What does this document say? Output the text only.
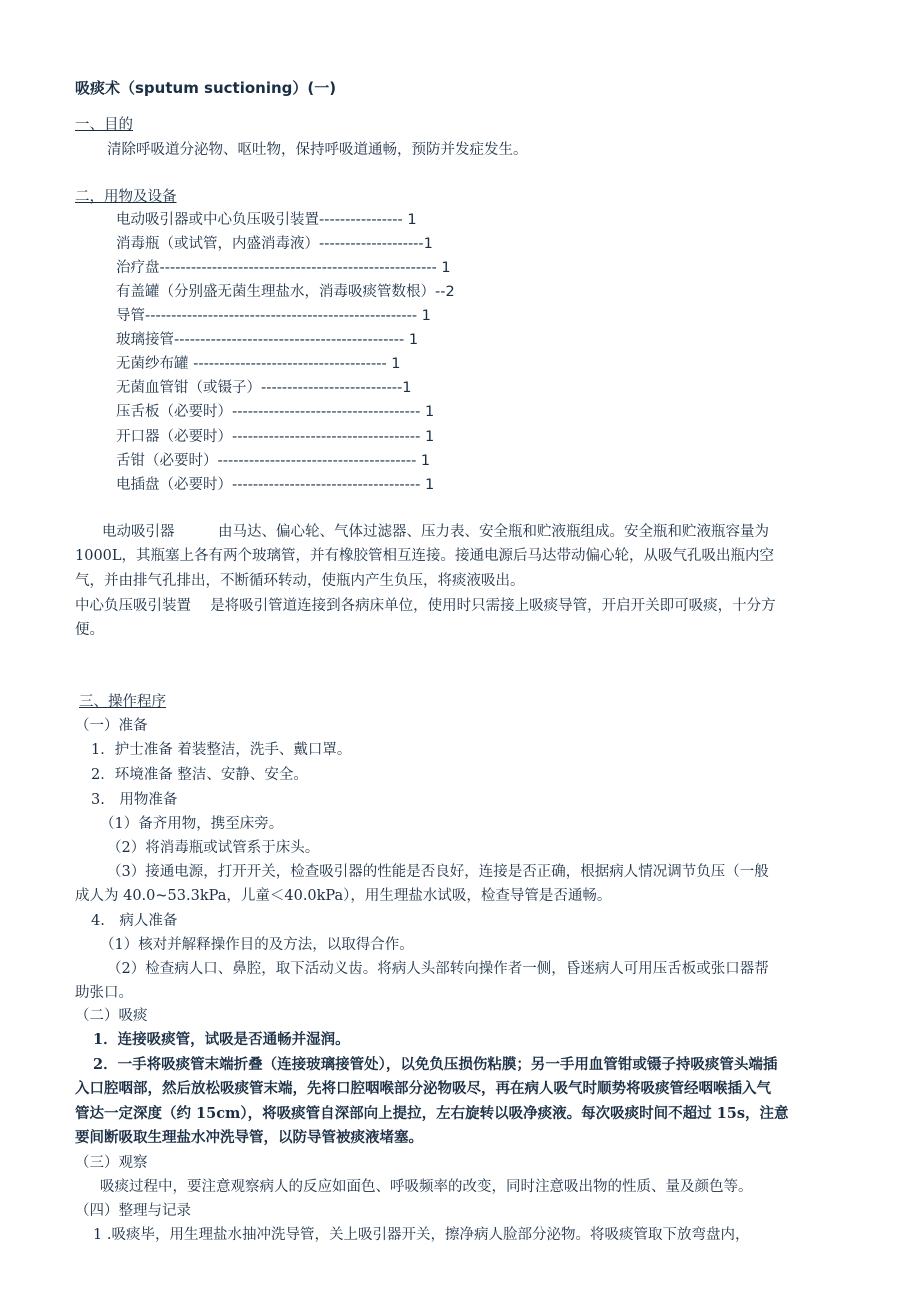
吸痰术（sputum suctioning）(一)
一、目的
清除呼吸道分泌物、呕吐物，保持呼吸道通畅，预防并发症发生。
二，用物及设备
电动吸引器或中心负压吸引装置---------------- 1
消毒瓶（或试管，内盛消毒液）--------------------1
治疗盘----------------------------------------------------- 1
有盖罐（分别盛无菌生理盐水，消毒吸痰管数根）--2
导管---------------------------------------------------- 1
玻璃接管-------------------------------------------- 1
无菌纱布罐 ------------------------------------- 1
无菌血管钳（或镊子）---------------------------1
压舌板（必要时）------------------------------------ 1
开口器（必要时）------------------------------------ 1
舌钳（必要时）-------------------------------------- 1
电插盘（必要时）------------------------------------ 1
电动吸引器　　　由马达、偏心轮、气体过滤器、压力表、安全瓶和贮液瓶组成。安全瓶和贮液瓶容量为
1000L，其瓶塞上各有两个玻璃管，并有橡胶管相互连接。接通电源后马达带动偏心轮，从吸气孔吸出瓶内空
气，并由排气孔排出，不断循环转动，使瓶内产生负压，将痰液吸出。
中心负压吸引装置　 是将吸引管道连接到各病床单位，使用时只需接上吸痰导管，开启开关即可吸痰，十分方
便。
三、操作程序
（一）准备
1．护士准备 着装整洁，洗手、戴口罩。
2．环境准备 整洁、安静、安全。
3.　用物准备
（1）备齐用物，携至床旁。
（2）将消毒瓶或试管系于床头。
（3）接通电源，打开开关，检查吸引器的性能是否良好，连接是否正确，根据病人情况调节负压（一般
成人为 40.0~53.3kPa，儿童＜40.0kPa），用生理盐水试吸，检查导管是否通畅。
4.　病人准备
（1）核对并解释操作目的及方法，以取得合作。
（2）检查病人口、鼻腔，取下活动义齿。将病人头部转向操作者一侧，昏迷病人可用压舌板或张口器帮
助张口。
（二）吸痰
1．连接吸痰管，试吸是否通畅并湿润。
2．一手将吸痰管末端折叠（连接玻璃接管处），以免负压损伤粘膜；另一手用血管钳或镊子持吸痰管头端插
入口腔咽部，然后放松吸痰管末端，先将口腔咽喉部分泌物吸尽，再在病人吸气时顺势将吸痰管经咽喉插入气
管达一定深度（约 15cm），将吸痰管自深部向上提拉，左右旋转以吸净痰液。每次吸痰时间不超过 15s，注意
要间断吸取生理盐水冲洗导管，以防导管被痰液堵塞。
（三）观察
吸痰过程中，要注意观察病人的反应如面色、呼吸频率的改变，同时注意吸出物的性质、量及颜色等。
（四）整理与记录
1 .吸痰毕，用生理盐水抽冲洗导管，关上吸引器开关，擦净病人脸部分泌物。将吸痰管取下放弯盘内，
